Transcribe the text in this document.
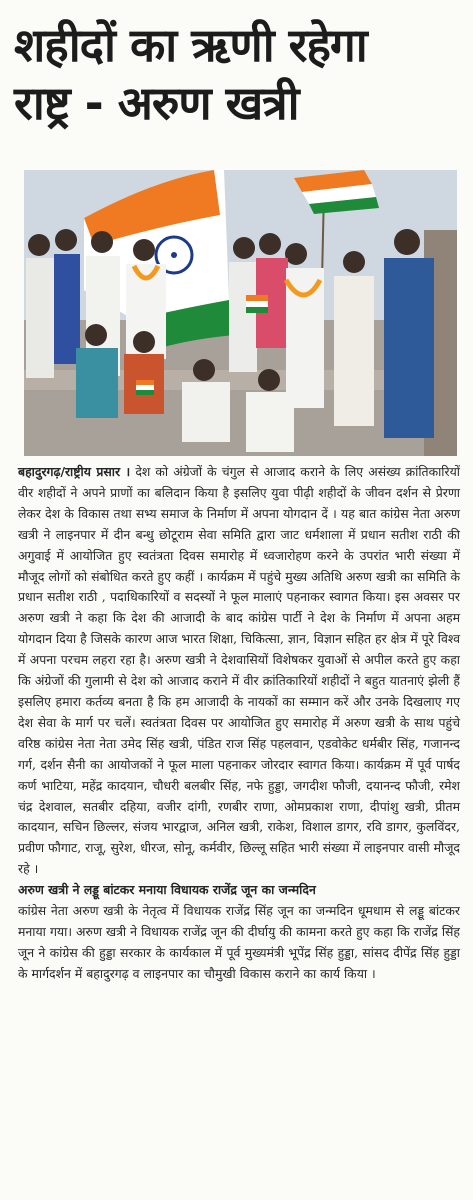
शहीदों का ऋणी रहेगा
राष्ट्र - अरुण खत्री

बहादुरगढ़/राष्ट्रीय प्रसार । देश को अंग्रेजों के चंगुल से आजाद कराने के लिए असंख्य क्रांतिकारियों वीर शहीदों ने अपने प्राणों का बलिदान किया है इसलिए युवा पीढ़ी शहीदों के जीवन दर्शन से प्रेरणा लेकर देश के विकास तथा सभ्य समाज के निर्माण में अपना योगदान दें । यह बात कांग्रेस नेता अरुण खत्री ने लाइनपार में दीन बन्धु छोटूराम सेवा समिति द्वारा जाट धर्मशाला में प्रधान सतीश राठी की अगुवाई में आयोजित हुए स्वतंत्रता दिवस समारोह में ध्वजारोहण करने के उपरांत भारी संख्या में मौजूद लोगों को संबोधित करते हुए कहीं । कार्यक्रम में पहुंचे मुख्य अतिथि अरुण खत्री का समिति के प्रधान सतीश राठी , पदाधिकारियों व सदस्यों ने फूल मालाएं पहनाकर स्वागत किया। इस अवसर पर अरुण खत्री ने कहा कि देश की आजादी के बाद कांग्रेस पार्टी ने देश के निर्माण में अपना अहम योगदान दिया है जिसके कारण आज भारत शिक्षा, चिकित्सा, ज्ञान, विज्ञान सहित हर क्षेत्र में पूरे विश्व में अपना परचम लहरा रहा है। अरुण खत्री ने देशवासियों विशेषकर युवाओं से अपील करते हुए कहा कि अंग्रेजों की गुलामी से देश को आजाद कराने में वीर क्रांतिकारियों शहीदों ने बहुत यातनाएं झेली हैं इसलिए हमारा कर्तव्य बनता है कि हम आजादी के नायकों का सम्मान करें और उनके दिखलाए गए देश सेवा के मार्ग पर चलें। स्वतंत्रता दिवस पर आयोजित हुए समारोह में अरुण खत्री के साथ पहुंचे वरिष्ठ कांग्रेस नेता नेता उमेद सिंह खत्री, पंडित राज सिंह पहलवान, एडवोकेट धर्मबीर सिंह, गजानन्द गर्ग, दर्शन सैनी का आयोजकों ने फूल माला पहनाकर जोरदार स्वागत किया। कार्यक्रम में पूर्व पार्षद कर्ण भाटिया, महेंद्र कादयान, चौधरी बलबीर सिंह, नफे हुड्डा, जगदीश फौजी, दयानन्द फौजी, रमेश चंद्र देशवाल, सतबीर दहिया, वजीर दांगी, रणबीर राणा, ओमप्रकाश राणा, दीपांशु खत्री, प्रीतम कादयान, सचिन छिल्लर, संजय भारद्वाज, अनिल खत्री, राकेश, विशाल डागर, रवि डागर, कुलविंदर, प्रवीण फौगाट, राजू, सुरेश, धीरज, सोनू, कर्मवीर, छिल्लू सहित भारी संख्या में लाइनपार वासी मौजूद रहे ।

अरुण खत्री ने लड्डू बांटकर मनाया विधायक राजेंद्र जून का जन्मदिन

कांग्रेस नेता अरुण खत्री के नेतृत्व में विधायक राजेंद्र सिंह जून का जन्मदिन धूमधाम से लड्डू बांटकर मनाया गया। अरुण खत्री ने विधायक राजेंद्र जून की दीर्घायु की कामना करते हुए कहा कि राजेंद्र सिंह जून ने कांग्रेस की हुड्डा सरकार के कार्यकाल में पूर्व मुख्यमंत्री भूपेंद्र सिंह हुड्डा, सांसद दीपेंद्र सिंह हुड्डा के मार्गदर्शन में बहादुरगढ़ व लाइनपार का चौमुखी विकास कराने का कार्य किया ।
